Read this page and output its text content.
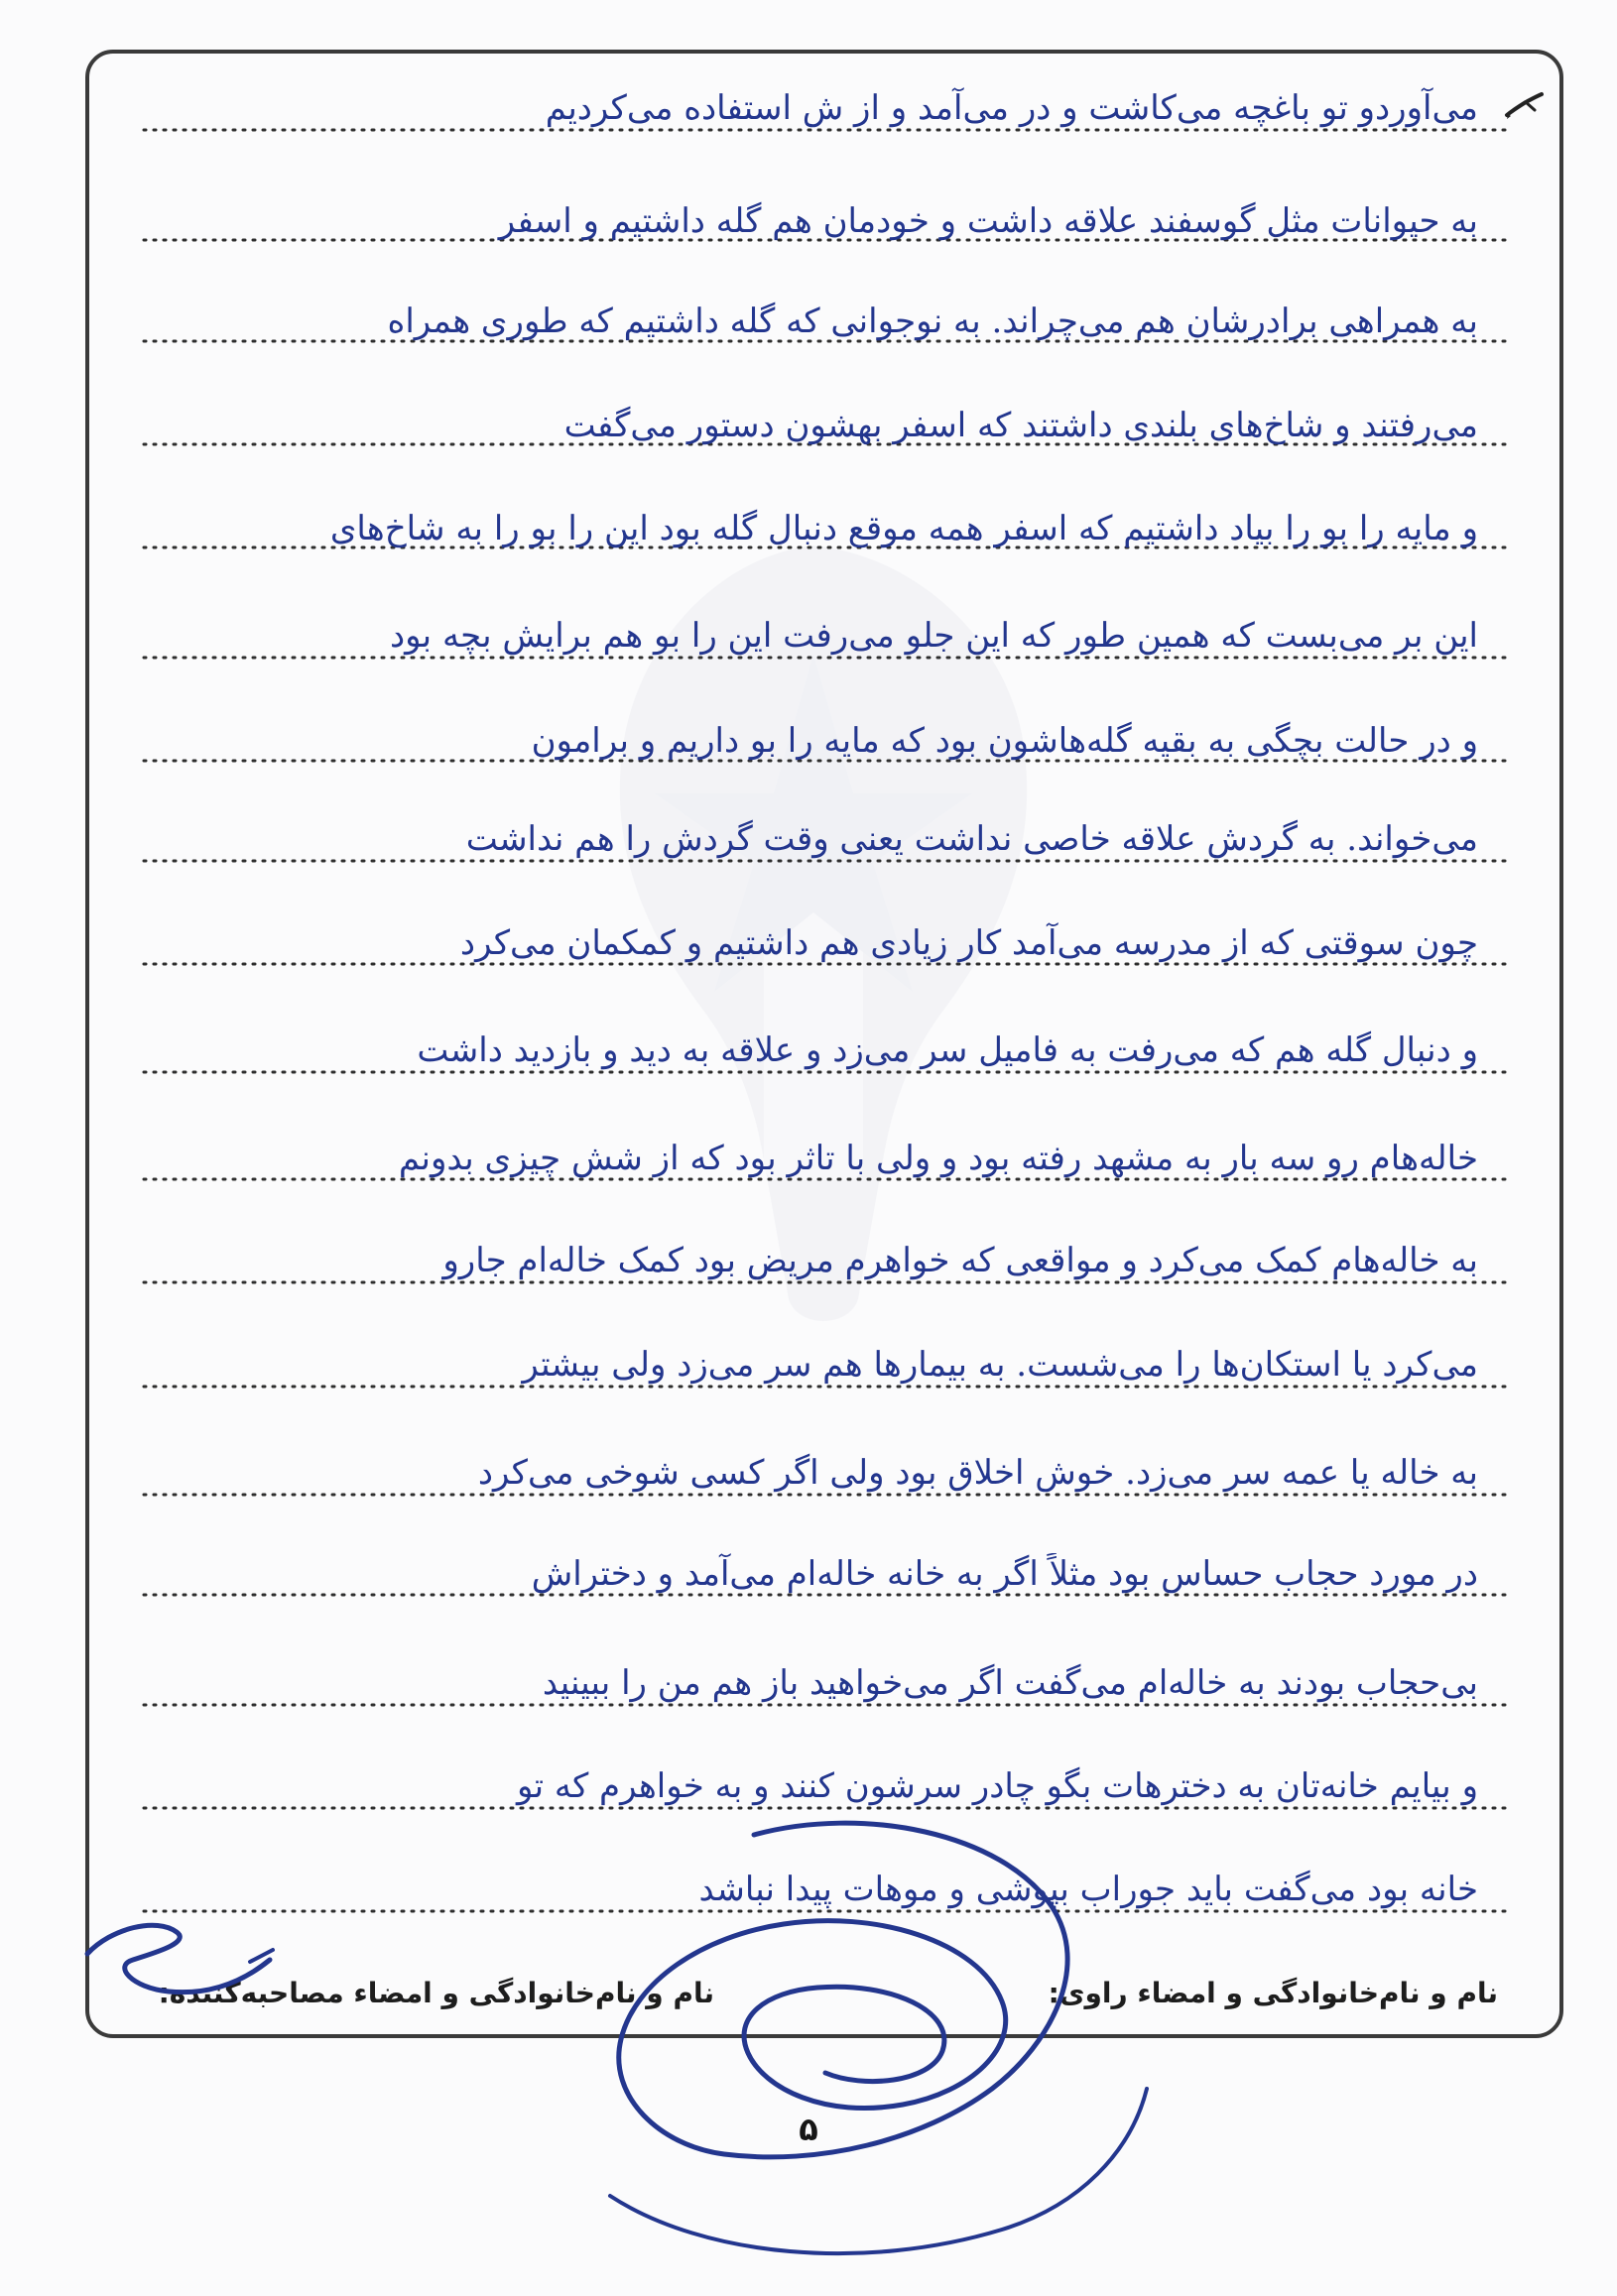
می‌آوردو تو باغچه می‌کاشت و در می‌آمد و از ش استفاده می‌کردیم
به حیوانات مثل گوسفند علاقه داشت و خودمان هم گله داشتیم و اسفر
به همراهی برادرشان هم می‌چراند. به نوجوانی که گله داشتیم که طوری همراه
می‌رفتند و شاخ‌های بلندی داشتند که اسفر بهشون دستور می‌گفت
و مایه را بو را بیاد داشتیم که اسفر همه موقع دنبال گله بود این را بو را به شاخ‌های
این بر می‌بست که همین طور که این جلو می‌رفت این را بو هم برایش بچه بود
و در حالت بچگی به بقیه گله‌هاشون بود که مایه را بو داریم و برامون
می‌خواند. به گردش علاقه خاصی نداشت یعنی وقت گردش را هم نداشت
چون سوقتی که از مدرسه می‌آمد کار زیادی هم داشتیم و کمکمان می‌کرد
و دنبال گله هم که می‌رفت به فامیل سر می‌زد و علاقه به دید و بازدید داشت
خاله‌هام رو سه بار به مشهد رفته بود و ولی با تاثر بود که از شش چیزی بدونم
به خاله‌هام کمک می‌کرد و مواقعی که خواهرم مریض بود کمک خاله‌ام جارو
می‌کرد یا استکان‌ها را می‌شست. به بیمارها هم سر می‌زد ولی بیشتر
به خاله یا عمه سر می‌زد. خوش اخلاق بود ولی اگر کسی شوخی می‌کرد
در مورد حجاب حساس بود مثلاً اگر به خانه خاله‌ام می‌آمد و دختراش
بی‌حجاب بودند به خاله‌ام می‌گفت اگر می‌خواهید باز هم من را ببینید
و بیایم خانه‌تان به دخترهات بگو چادر سرشون کنند و به خواهرم که تو
خانه بود می‌گفت باید جوراب بپوشی و موهات پیدا نباشد
نام و نام‌خانوادگی و امضاء راوی:
نام و نام‌خانوادگی و امضاء مصاحبه‌کننده:
۵
